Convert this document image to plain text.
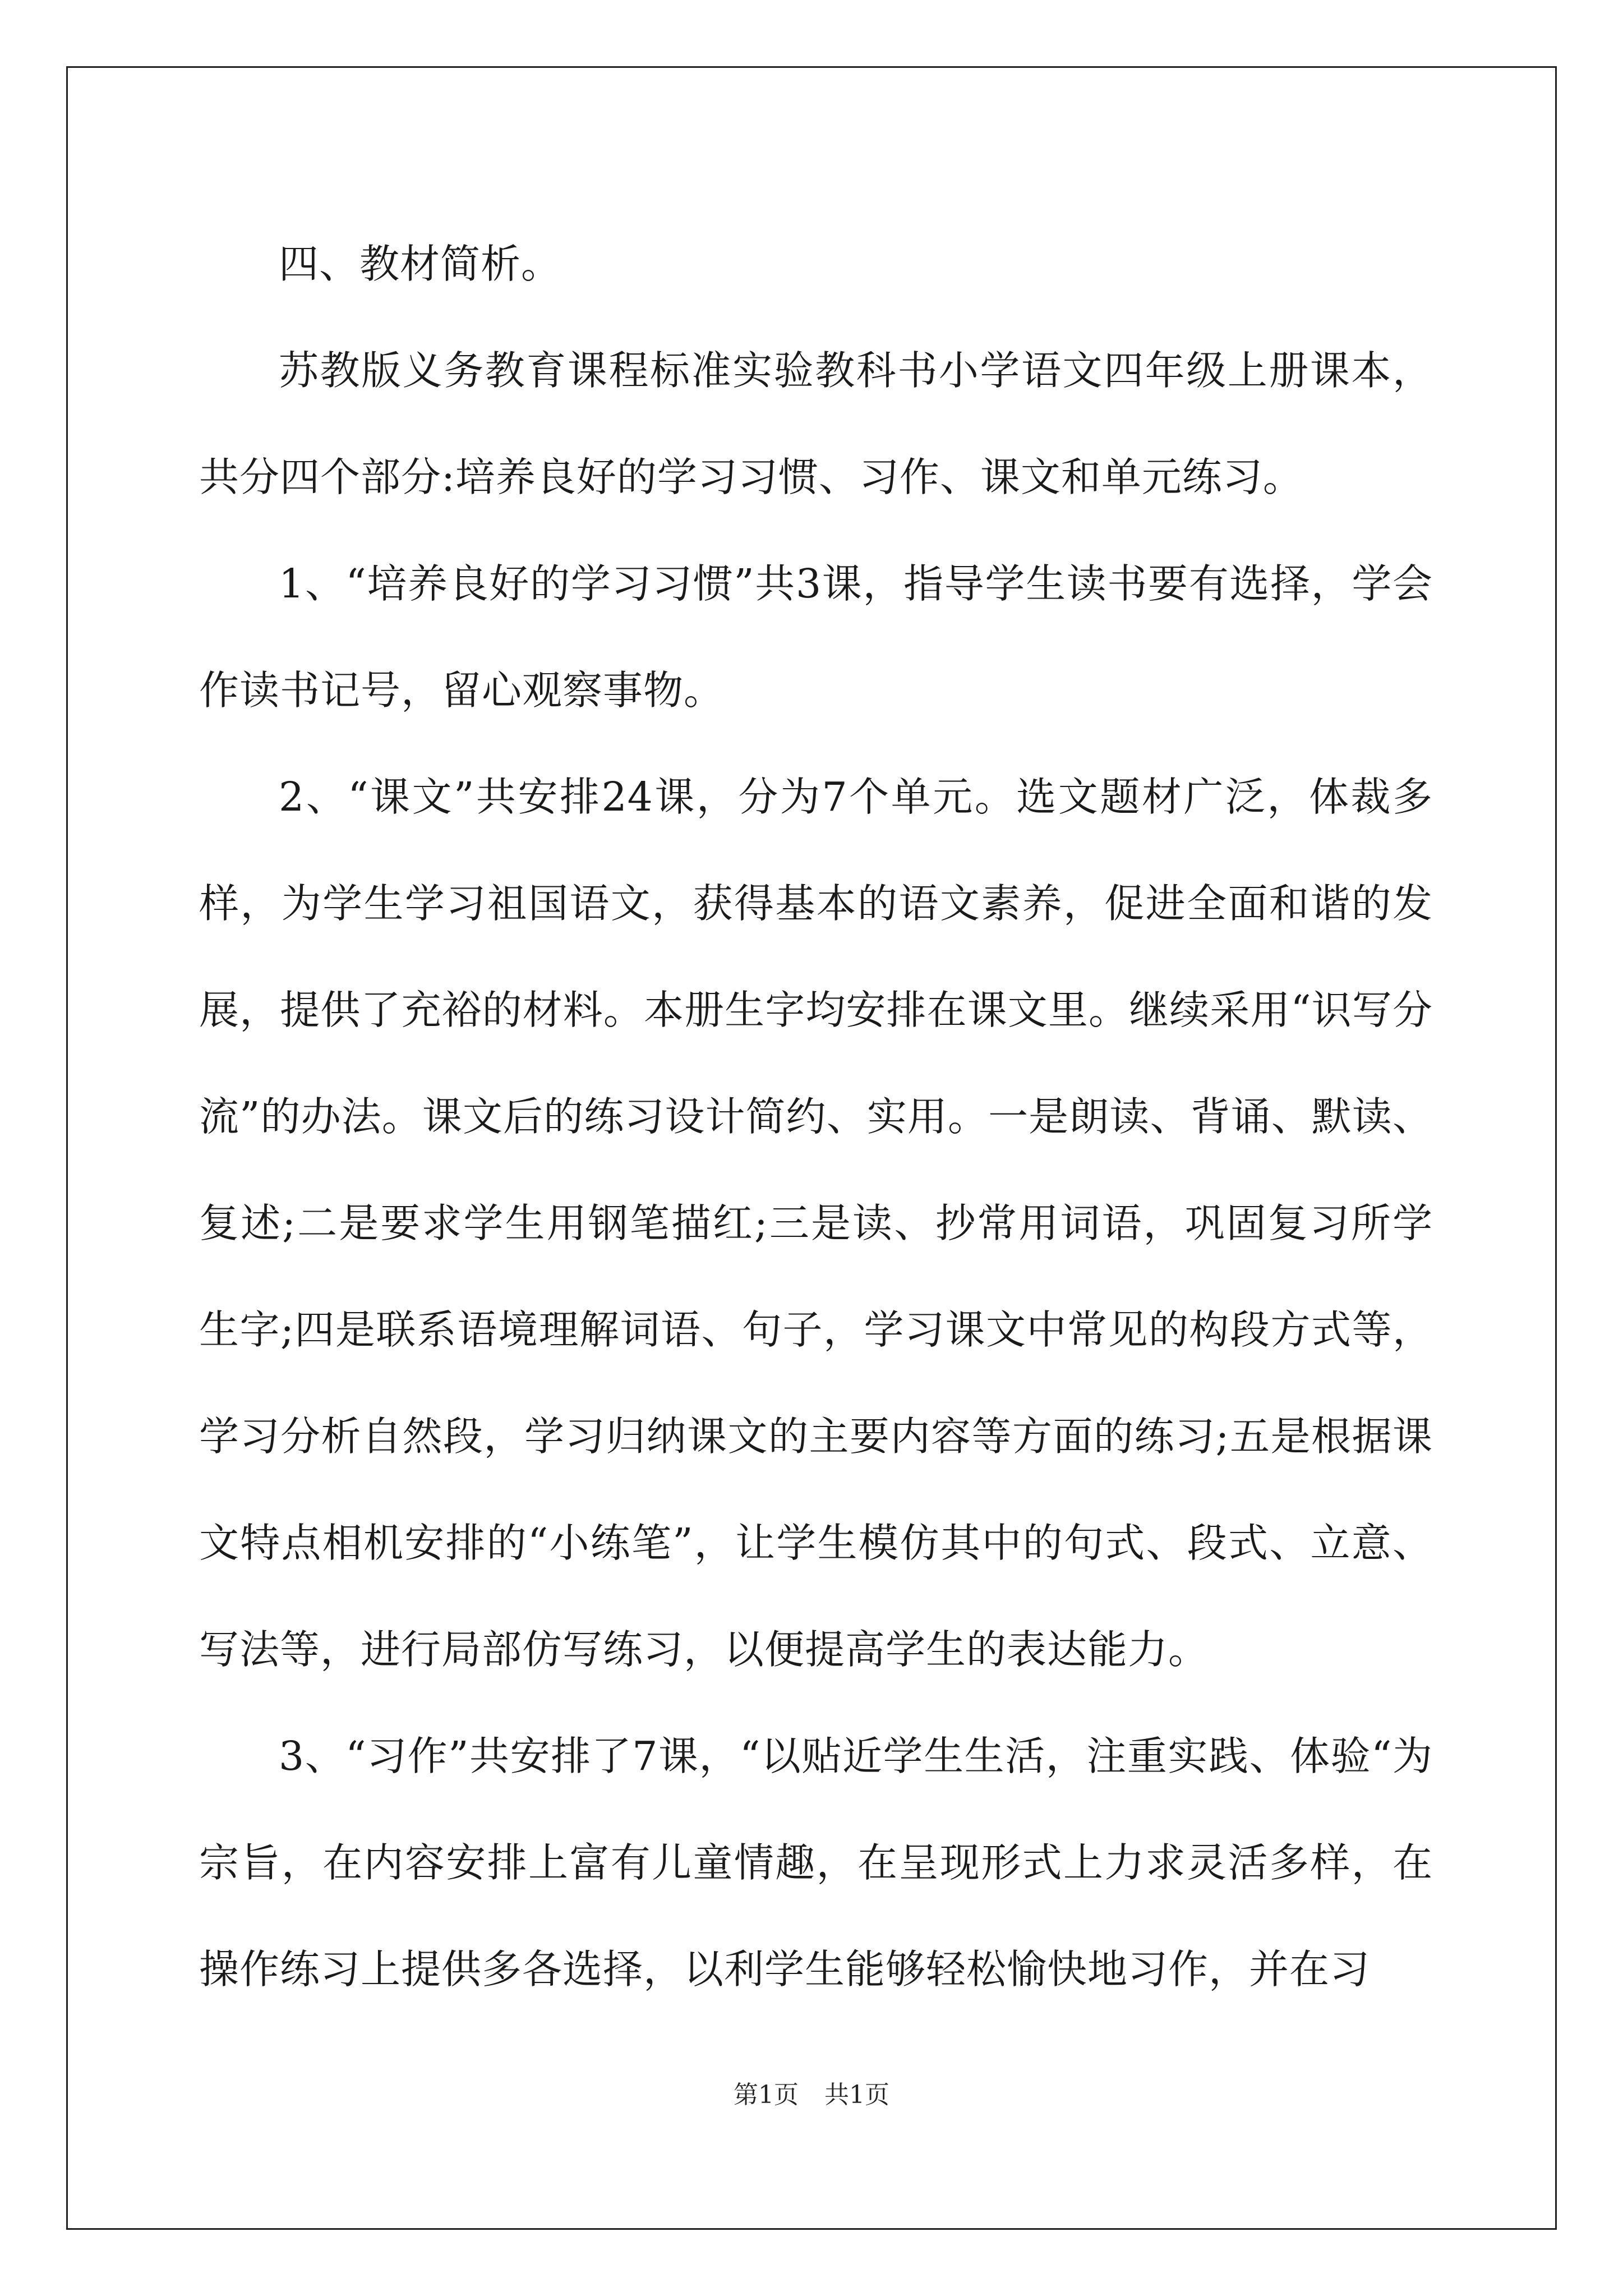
四、教材简析。

苏教版义务教育课程标准实验教科书小学语文四年级上册课本，共分四个部分:培养良好的学习习惯、习作、课文和单元练习。

1、“培养良好的学习习惯”共3课，指导学生读书要有选择，学会作读书记号，留心观察事物。

2、“课文”共安排24课，分为7个单元。选文题材广泛，体裁多样，为学生学习祖国语文，获得基本的语文素养，促进全面和谐的发展，提供了充裕的材料。本册生字均安排在课文里。继续采用“识写分流”的办法。课文后的练习设计简约、实用。一是朗读、背诵、默读、复述;二是要求学生用钢笔描红;三是读、抄常用词语，巩固复习所学生字;四是联系语境理解词语、句子，学习课文中常见的构段方式等，学习分析自然段，学习归纳课文的主要内容等方面的练习;五是根据课文特点相机安排的“小练笔”，让学生模仿其中的句式、段式、立意、写法等，进行局部仿写练习，以便提高学生的表达能力。

3、“习作”共安排了7课，“以贴近学生生活，注重实践、体验“为宗旨，在内容安排上富有儿童情趣，在呈现形式上力求灵活多样，在操作练习上提供多各选择，以利学生能够轻松愉快地习作，并在习

第1页 共1页
